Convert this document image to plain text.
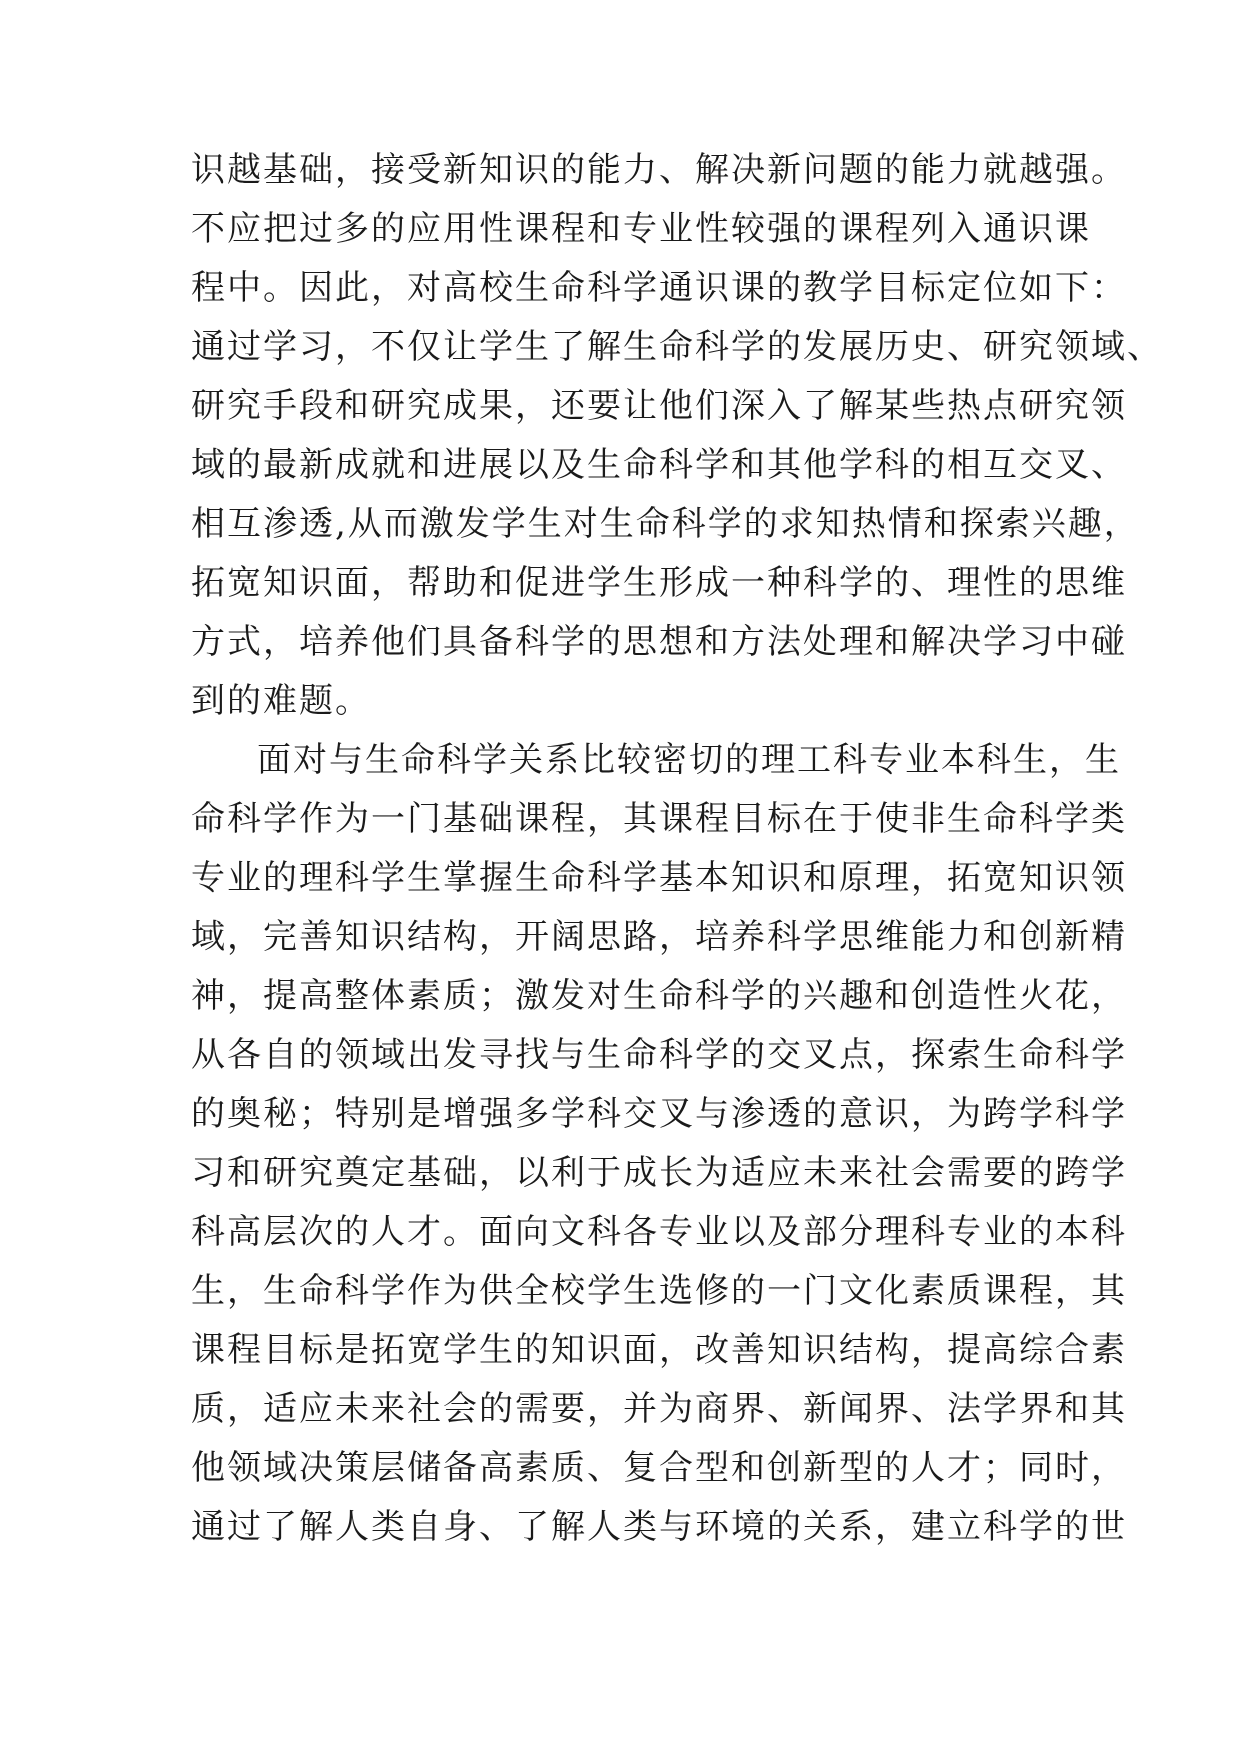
识越基础，接受新知识的能力、解决新问题的能力就越强。
不应把过多的应用性课程和专业性较强的课程列入通识课
程中。因此，对高校生命科学通识课的教学目标定位如下：
通过学习，不仅让学生了解生命科学的发展历史、研究领域、
研究手段和研究成果，还要让他们深入了解某些热点研究领
域的最新成就和进展以及生命科学和其他学科的相互交叉、
相互渗透,从而激发学生对生命科学的求知热情和探索兴趣，
拓宽知识面，帮助和促进学生形成一种科学的、理性的思维
方式，培养他们具备科学的思想和方法处理和解决学习中碰
到的难题。
面对与生命科学关系比较密切的理工科专业本科生，生
命科学作为一门基础课程，其课程目标在于使非生命科学类
专业的理科学生掌握生命科学基本知识和原理，拓宽知识领
域，完善知识结构，开阔思路，培养科学思维能力和创新精
神，提高整体素质；激发对生命科学的兴趣和创造性火花，
从各自的领域出发寻找与生命科学的交叉点，探索生命科学
的奥秘；特别是增强多学科交叉与渗透的意识，为跨学科学
习和研究奠定基础，以利于成长为适应未来社会需要的跨学
科高层次的人才。面向文科各专业以及部分理科专业的本科
生，生命科学作为供全校学生选修的一门文化素质课程，其
课程目标是拓宽学生的知识面，改善知识结构，提高综合素
质，适应未来社会的需要，并为商界、新闻界、法学界和其
他领域决策层储备高素质、复合型和创新型的人才；同时，
通过了解人类自身、了解人类与环境的关系，建立科学的世
